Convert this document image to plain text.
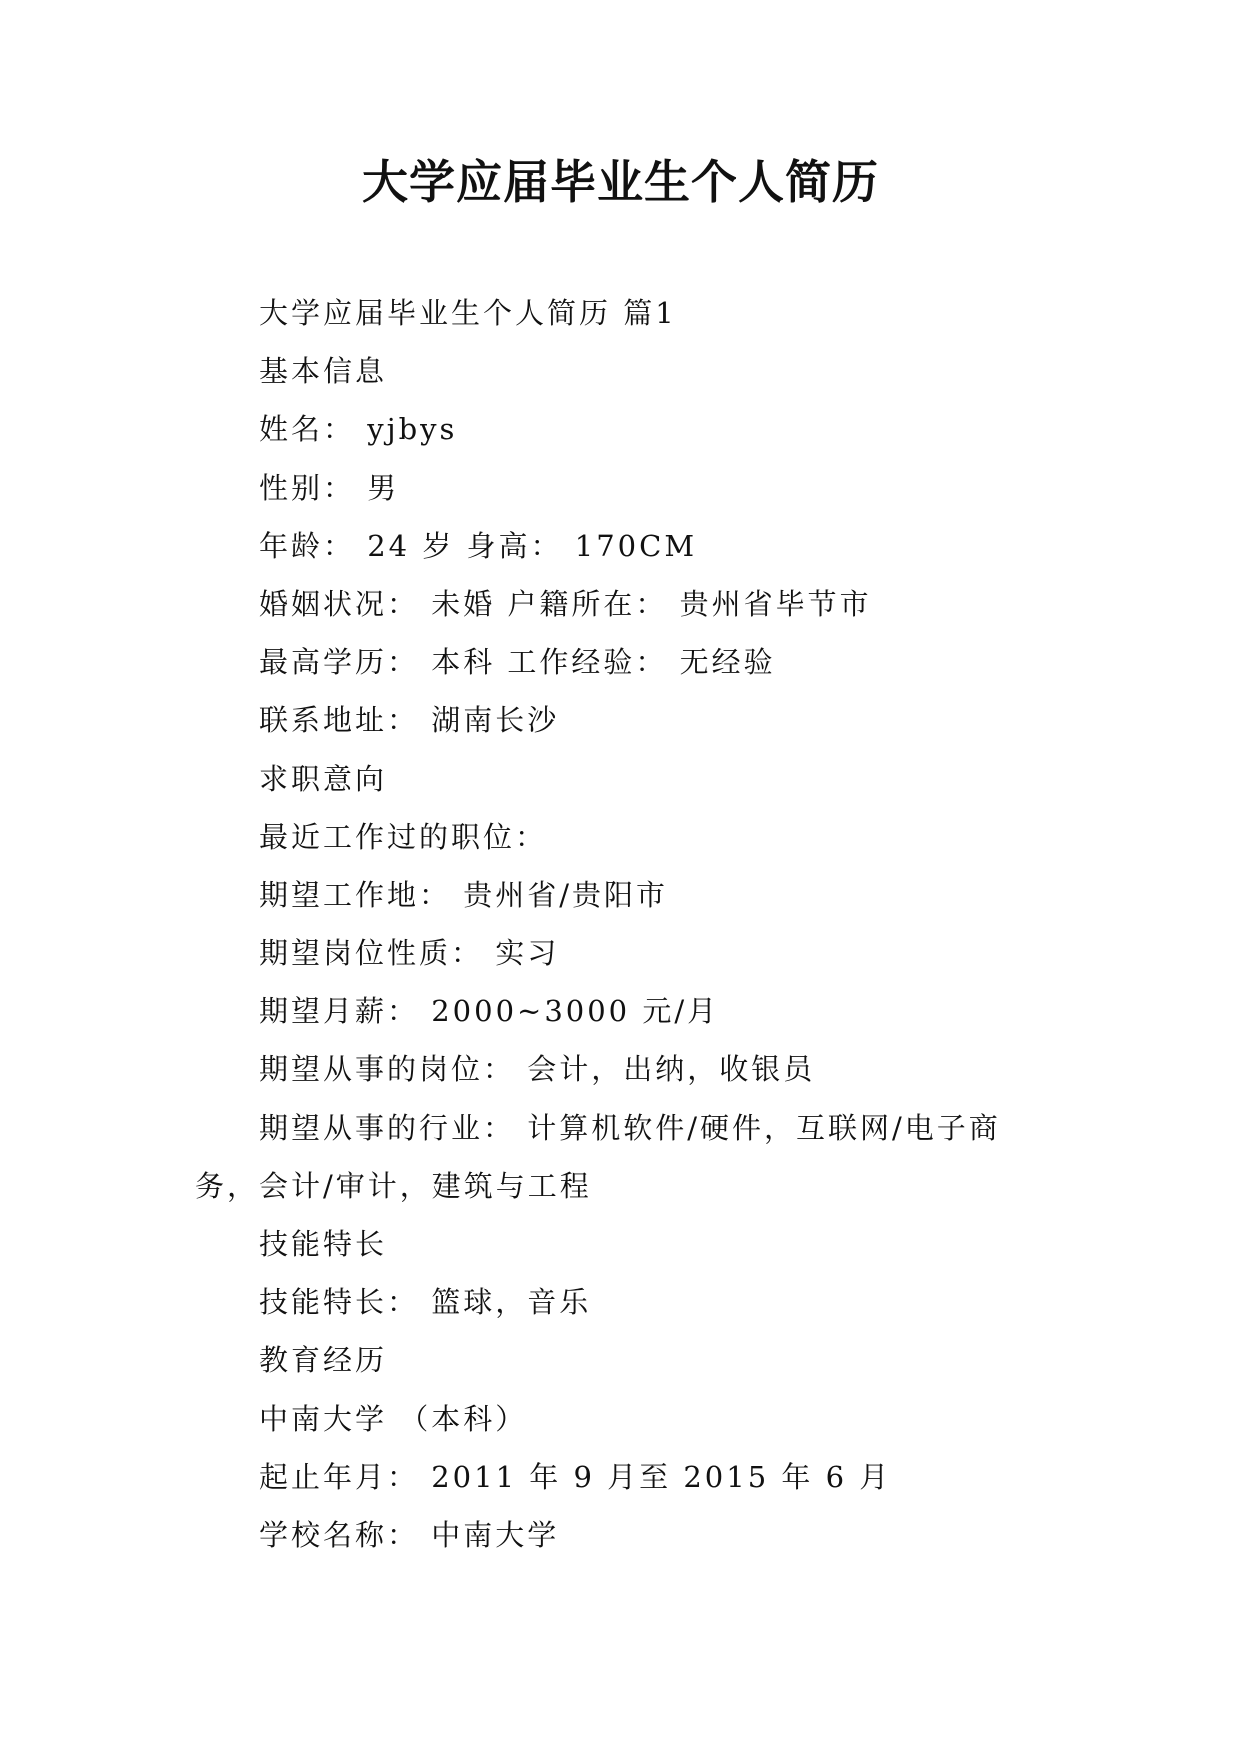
大学应届毕业生个人简历

大学应届毕业生个人简历 篇1

基本信息

姓名： yjbys

性别： 男

年龄： 24 岁 身高： 170CM

婚姻状况： 未婚 户籍所在： 贵州省毕节市

最高学历： 本科 工作经验： 无经验

联系地址： 湖南长沙

求职意向

最近工作过的职位：

期望工作地： 贵州省/贵阳市

期望岗位性质： 实习

期望月薪： 2000~3000 元/月

期望从事的岗位： 会计，出纳，收银员

期望从事的行业： 计算机软件/硬件，互联网/电子商

务，会计/审计，建筑与工程

技能特长

技能特长： 篮球，音乐

教育经历

中南大学 （本科）

起止年月： 2011 年 9 月至 2015 年 6 月

学校名称： 中南大学
